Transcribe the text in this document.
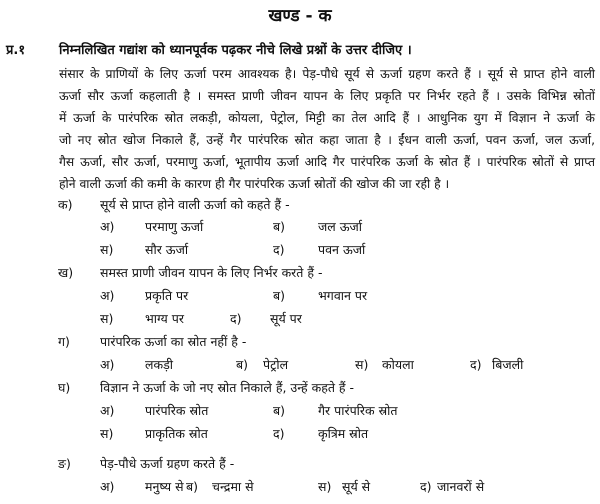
खण्ड - क
प्र.१	निम्नलिखित गद्यांश को ध्यानपूर्वक पढ़कर नीचे लिखे प्रश्नों के उत्तर दीजिए ।
संसार के प्राणियों के लिए ऊर्जा परम आवश्यक है। पेड़-पौधे सूर्य से ऊर्जा ग्रहण करते हैं । सूर्य से प्राप्त होने वाली
ऊर्जा सौर ऊर्जा कहलाती है । समस्त प्राणी जीवन यापन के लिए प्रकृति पर निर्भर रहते हैं । उसके विभिन्न स्रोतों
में ऊर्जा के पारंपरिक स्रोत लकड़ी, कोयला, पेट्रोल, मिट्टी का तेल आदि हैं । आधुनिक युग में विज्ञान ने ऊर्जा के
जो नए स्रोत खोज निकाले हैं, उन्हें गैर पारंपरिक स्रोत कहा जाता है । ईंधन वाली ऊर्जा, पवन ऊर्जा, जल ऊर्जा,
गैस ऊर्जा, सौर ऊर्जा, परमाणु ऊर्जा, भूतापीय ऊर्जा आदि गैर पारंपरिक ऊर्जा के स्रोत हैं । पारंपरिक स्रोतों से प्राप्त
होने वाली ऊर्जा की कमी के कारण ही गैर पारंपरिक ऊर्जा स्रोतों की खोज की जा रही है ।
क) सूर्य से प्राप्त होने वाली ऊर्जा को कहते हैं -
अ) परमाणु ऊर्जा	ब)	जल ऊर्जा
स)	सौर ऊर्जा	द)	पवन ऊर्जा
ख) समस्त प्राणी जीवन यापन के लिए निर्भर करते हैं -
अ) प्रकृति पर	ब)	भगवान पर
स)	भाग्य पर	द) सूर्य पर
ग) पारंपरिक ऊर्जा का स्रोत नहीं है -
अ) लकड़ी	ब) पेट्रोल	स) कोयला	द) बिजली
घ) विज्ञान ने ऊर्जा के जो नए स्रोत निकाले हैं, उन्हें कहते हैं -
अ) पारंपरिक स्रोत	ब)	गैर पारंपरिक स्रोत
स)	प्राकृतिक स्रोत	द)	कृत्रिम स्रोत
ङ) पेड़-पौधे ऊर्जा ग्रहण करते हैं -
अ) मनुष्य से ब) चन्द्रमा से	स) सूर्य से	द) जानवरों से
